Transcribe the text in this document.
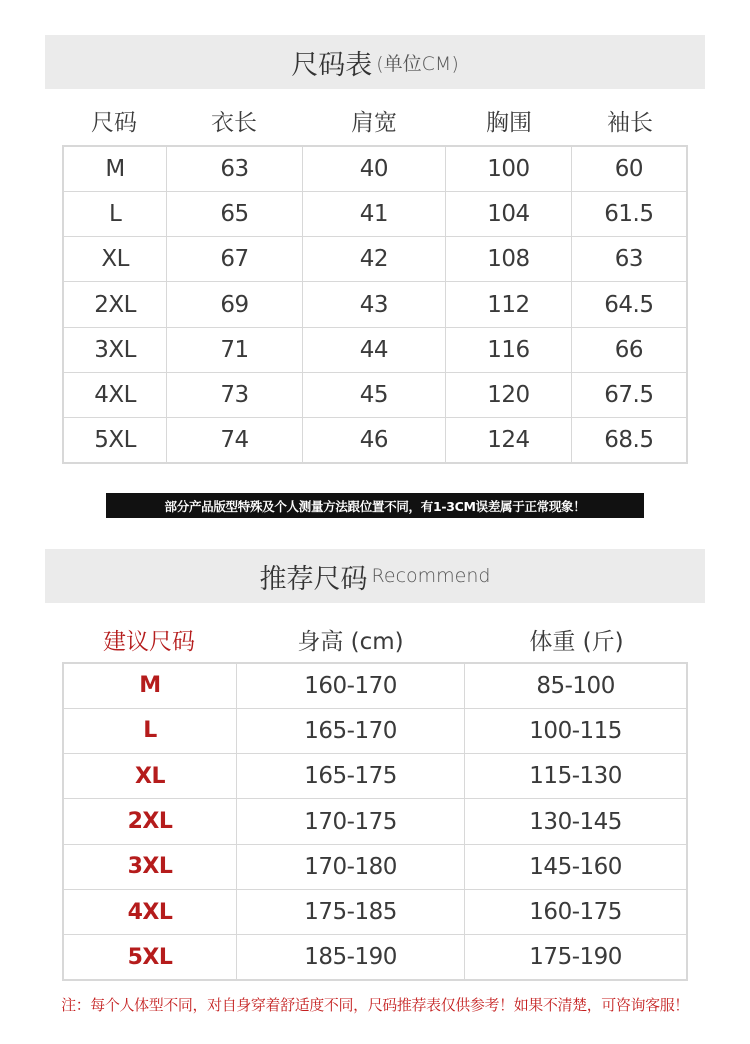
尺码表 (单位CM)
尺码	衣长	肩宽	胸围	袖长
M	63	40	100	60
L	65	41	104	61.5
XL	67	42	108	63
2XL	69	43	112	64.5
3XL	71	44	116	66
4XL	73	45	120	67.5
5XL	74	46	124	68.5
部分产品版型特殊及个人测量方法跟位置不同，有1-3CM误差属于正常现象！
推荐尺码 Recommend
建议尺码	身高 (cm)	体重 (斤)
M	160-170	85-100
L	165-170	100-115
XL	165-175	115-130
2XL	170-175	130-145
3XL	170-180	145-160
4XL	175-185	160-175
5XL	185-190	175-190
注：每个人体型不同，对自身穿着舒适度不同，尺码推荐表仅供参考！如果不清楚，可咨询客服！
